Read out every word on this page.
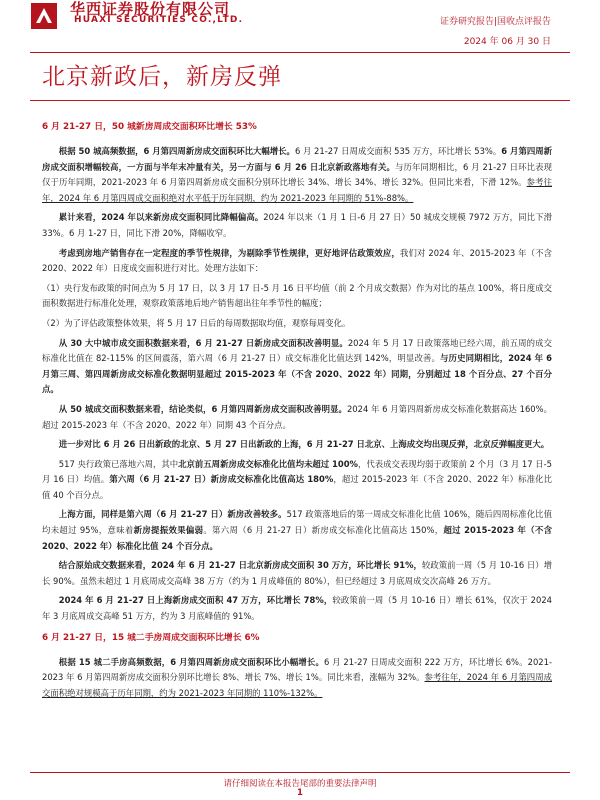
华西证券股份有限公司
HUAXI SECURITIES CO.,LTD.	证券研究报告|国收点评报告
2024 年 06 月 30 日
北京新政后，新房反弹
6 月 21-27 日，50 城新房周成交面积环比增长 53%
根据 50 城高频数据，6 月第四周新房成交面积环比大幅增长。6 月 21-27 日周成交面积 535 万方，环比增长 53%。6 月第四周新房成交面积增幅较高，一方面与半年末冲量有关，另一方面与 6 月 26 日北京新政落地有关。与历年同期相比，6 月 21-27 日环比表现仅于历年同期，2021-2023 年 6 月第四周新房成交面积分别环比增长 34%、增长 34%、增长 32%。但同比来看，下滑 12%。参考往年，2024 年 6 月第四周成交面积绝对水平低于历年同期，约为 2021-2023 年同期的 51%-88%。
累计来看，2024 年以来新房成交面积同比降幅偏高。2024 年以来（1 月 1 日-6 月 27 日）50 城成交规模 7972 万方，同比下滑 33%。6 月 1-27 日，同比下滑 20%，降幅收窄。
考虑到房地产销售存在一定程度的季节性规律，为剔除季节性规律，更好地评估政策效应，我们对 2024 年、2015-2023 年（不含 2020、2022 年）日度成交面积进行对比。处理方法如下：
（1）央行发布政策的时间点为 5 月 17 日，以 3 月 17 日-5 月 16 日平均值（前 2 个月成交数据）作为对比的基点 100%，将日度成交面积数据进行标准化处理，观察政策落地后地产销售超出往年季节性的幅度；
（2）为了评估政策整体效果，将 5 月 17 日后的每周数据取均值，观察每周变化。
从 30 大中城市成交面积数据来看，6 月 21-27 日新房成交面积改善明显。2024 年 5 月 17 日政策落地已经六周，前五周的成交标准化比值在 82-115% 的区间震荡，第六周（6 月 21-27 日）成交标准化比值达到 142%，明显改善。与历史同期相比，2024 年 6 月第三周、第四周新房成交标准化数据明显超过 2015-2023 年（不含 2020、2022 年）同期，分别超过 18 个百分点、27 个百分点。
从 50 城成交面积数据来看，结论类似，6 月第四周新房成交面积改善明显。2024 年 6 月第四周新房成交标准化数据高达 160%。超过 2015-2023 年（不含 2020、2022 年）同期 43 个百分点。
进一步对比 6 月 26 日出新政的北京、5 月 27 日出新政的上海，6 月 21-27 日北京、上海成交均出现反弹，北京反弹幅度更大。
517 央行政策已落地六周，其中北京前五周新房成交标准化比值均未超过 100%，代表成交表现均弱于政策前 2 个月（3 月 17 日-5 月 16 日）均值。第六周（6 月 21-27 日）新房成交标准化比值高达 180%，超过 2015-2023 年（不含 2020、2022 年）标准化比值 40 个百分点。
上海方面，同样是第六周（6 月 21-27 日）新房改善较多。517 政策落地后的第一周成交标准化比值 106%，随后四周标准化比值均未超过 95%，意味着新房提振效果偏弱。第六周（6 月 21-27 日）新房成交标准化比值高达 150%，超过 2015-2023 年（不含 2020、2022 年）标准化比值 24 个百分点。
结合原始成交数据来看，2024 年 6 月 21-27 日北京新房成交面积 30 万方，环比增长 91%，较政策前一周（5 月 10-16 日）增长 90%。虽然未超过 1 月底周成交高峰 38 万方（约为 1 月成峰值的 80%），但已经超过 3 月底周成交次高峰 26 万方。
2024 年 6 月 21-27 日上海新房成交面积 47 万方，环比增长 78%，较政策前一周（5 月 10-16 日）增长 61%，仅次于 2024 年 3 月底周成交高峰 51 万方，约为 3 月底峰值的 91%。
6 月 21-27 日，15 城二手房周成交面积环比增长 6%
根据 15 城二手房高频数据，6 月第四周新房成交面积环比小幅增长。6 月 21-27 日周成交面积 222 万方，环比增长 6%。2021-2023 年 6 月第四周新房成交面积分别环比增长 8%、增长 7%、增长 1%。同比来看，涨幅为 32%。参考往年，2024 年 6 月第四周成交面积绝对规模高于历年同期，约为 2021-2023 年同期的 110%-132%。
请仔细阅读在本报告尾部的重要法律声明
1
